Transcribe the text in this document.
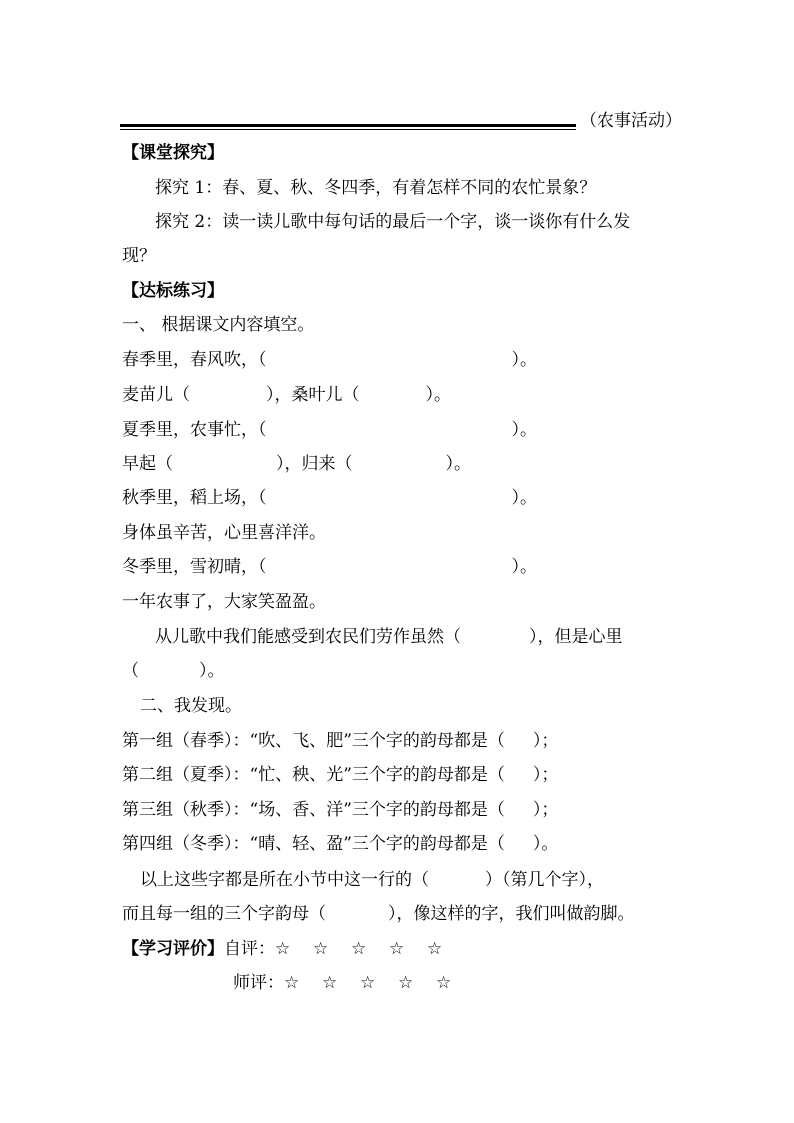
（农事活动）
【课堂探究】
探究 1：春、夏、秋、冬四季，有着怎样不同的农忙景象？
探究 2：读一读儿歌中每句话的最后一个字，谈一谈你有什么发
现？
【达标练习】
一、 根据课文内容填空。
春季里，春风吹，（	）。
麦苗儿（	），桑叶儿（	）。
夏季里，农事忙，（	）。
早起（	），归来（	）。
秋季里，稻上场，（	）。
身体虽辛苦，心里喜洋洋。
冬季里，雪初晴，（	）。
一年农事了，大家笑盈盈。
从儿歌中我们能感受到农民们劳作虽然（	），但是心里
（	）。
二、我发现。
第一组（春季）：“吹、飞、肥”三个字的韵母都是（ ）；
第二组（夏季）：“忙、秧、光”三个字的韵母都是（ ）；
第三组（秋季）：“场、香、洋”三个字的韵母都是（ ）；
第四组（冬季）：“晴、轻、盈”三个字的韵母都是（ ）。
以上这些字都是所在小节中这一行的（	）（第几个字），
而且每一组的三个字韵母（	），像这样的字，我们叫做韵脚。
【学习评价】自评：☆ ☆ ☆ ☆ ☆
师评：☆ ☆ ☆ ☆ ☆
